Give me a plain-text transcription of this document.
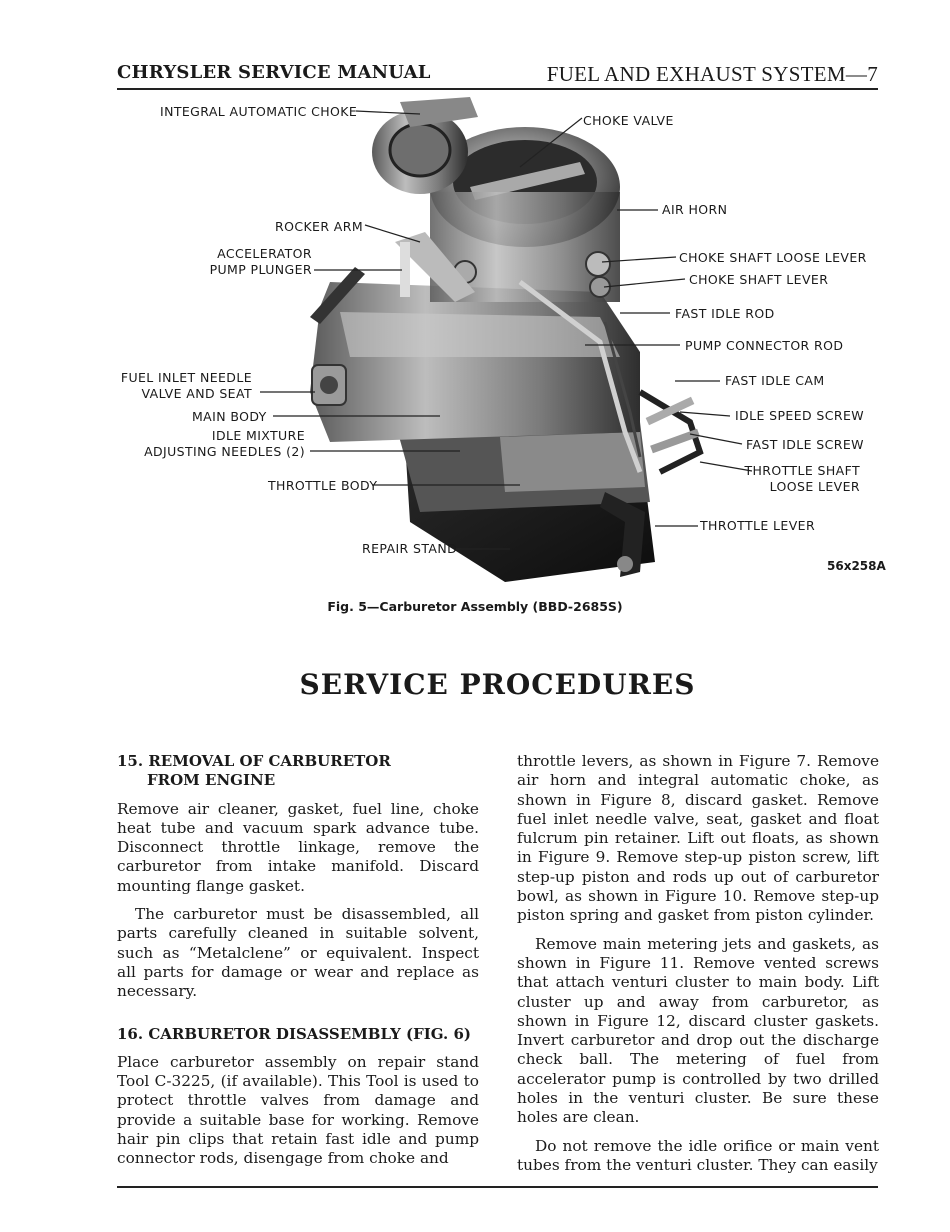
CHRYSLER SERVICE MANUAL	FUEL AND EXHAUST SYSTEM—7
INTEGRAL AUTOMATIC CHOKE
CHOKE VALVE
AIR HORN
ROCKER ARM
ACCELERATOR
PUMP PLUNGER
CHOKE SHAFT LOOSE LEVER
CHOKE SHAFT LEVER
FAST IDLE ROD
PUMP CONNECTOR ROD
FUEL INLET NEEDLE
VALVE AND SEAT
FAST IDLE CAM
MAIN BODY	IDLE SPEED SCREW
IDLE MIXTURE
ADJUSTING NEEDLES (2)	FAST IDLE SCREW
THROTTLE SHAFT
LOOSE LEVER
THROTTLE BODY
THROTTLE LEVER
REPAIR STAND
56x258A
Fig. 5—Carburetor Assembly (BBD-2685S)
SERVICE PROCEDURES
15. REMOVAL OF CARBURETOR

FROM ENGINE

Remove air cleaner, gasket, fuel line, choke heat tube and vacuum spark advance tube. Disconnect throttle linkage, remove the carburetor from intake manifold. Discard mounting flange gasket.

The carburetor must be disassembled, all parts carefully cleaned in suitable solvent, such as “Metalclene” or equivalent. Inspect all parts for damage or wear and replace as necessary.

16. CARBURETOR DISASSEMBLY (FIG. 6)

Place carburetor assembly on repair stand Tool C-3225, (if available). This Tool is used to protect throttle valves from damage and provide a suitable base for working. Remove hair pin clips that retain fast idle and pump connector rods, disengage from choke and

throttle levers, as shown in Figure 7. Remove air horn and integral automatic choke, as shown in Figure 8, discard gasket. Remove fuel inlet needle valve, seat, gasket and float fulcrum pin retainer. Lift out floats, as shown in Figure 9. Remove step-up piston screw, lift step-up piston and rods up out of carburetor bowl, as shown in Figure 10. Remove step-up piston spring and gasket from piston cylinder.

Remove main metering jets and gaskets, as shown in Figure 11. Remove vented screws that attach venturi cluster to main body. Lift cluster up and away from carburetor, as shown in Figure 12, discard cluster gaskets. Invert carburetor and drop out the discharge check ball. The metering of fuel from accelerator pump is controlled by two drilled holes in the venturi cluster. Be sure these holes are clean.

Do not remove the idle orifice or main vent tubes from the venturi cluster. They can easily
